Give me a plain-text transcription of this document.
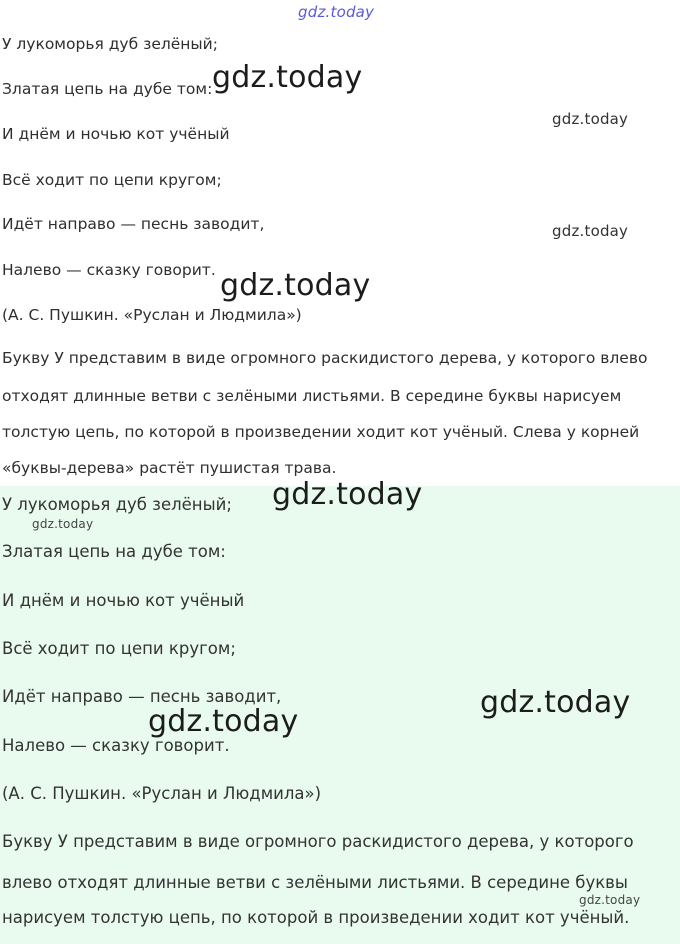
У лукоморья дуб зелёный;
Златая цепь на дубе том:
И днём и ночью кот учёный
Всё ходит по цепи кругом;
Идёт направо — песнь заводит,
Налево — сказку говорит.
(А. С. Пушкин. «Руслан и Людмила»)
Букву У представим в виде огромного раскидистого дерева, у которого влево
отходят длинные ветви с зелёными листьями. В середине буквы нарисуем
толстую цепь, по которой в произведении ходит кот учёный. Слева у корней
«буквы-дерева» растёт пушистая трава.
У лукоморья дуб зелёный;
Златая цепь на дубе том:
И днём и ночью кот учёный
Всё ходит по цепи кругом;
Идёт направо — песнь заводит,
Налево — сказку говорит.
(А. С. Пушкин. «Руслан и Людмила»)
Букву У представим в виде огромного раскидистого дерева, у которого
влево отходят длинные ветви с зелёными листьями. В середине буквы
нарисуем толстую цепь, по которой в произведении ходит кот учёный.
gdz.today
gdz.today
gdz.today
gdz.today
gdz.today
gdz.today
gdz.today
gdz.today
gdz.today
gdz.today
